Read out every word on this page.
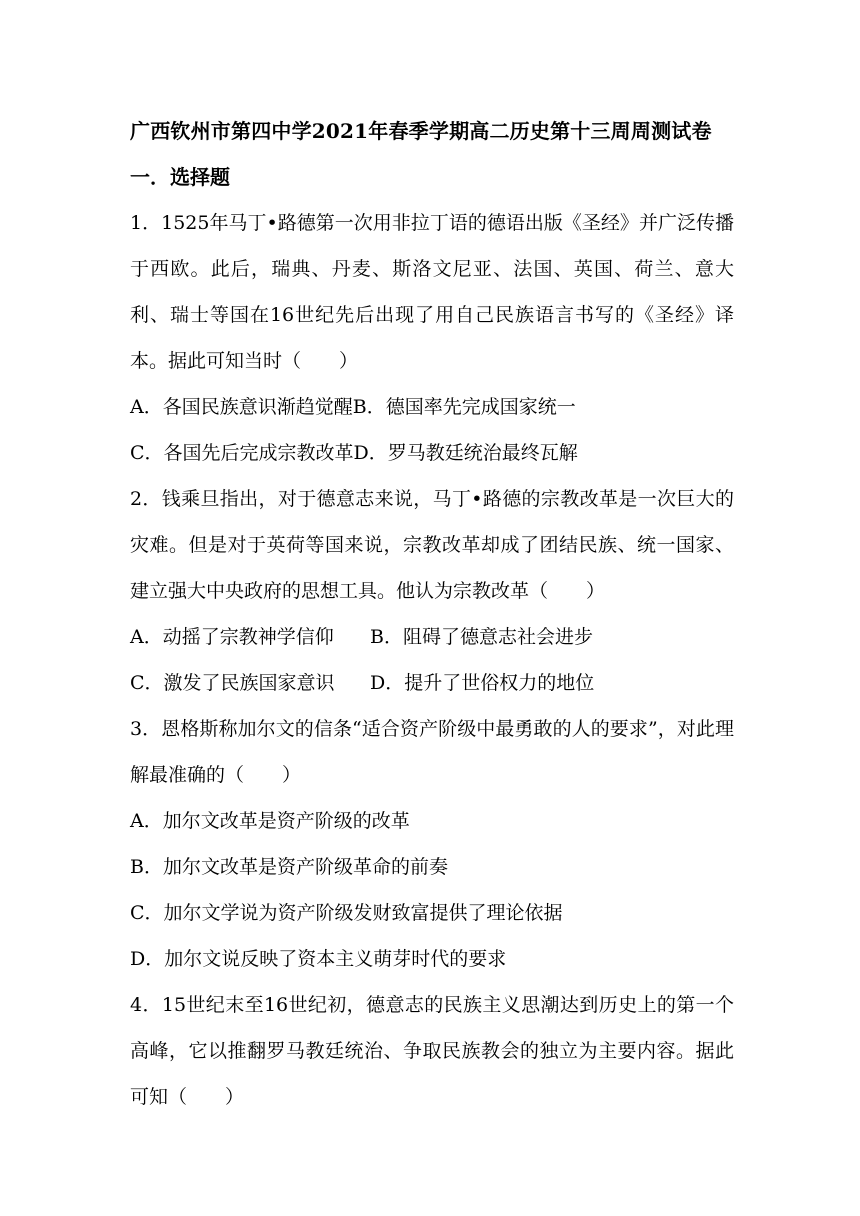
广西钦州市第四中学2021年春季学期高二历史第十三周周测试卷
一．选择题

1．1525年马丁•路德第一次用非拉丁语的德语出版《圣经》并广泛传播于西欧。此后，瑞典、丹麦、斯洛文尼亚、法国、英国、荷兰、意大利、瑞士等国在16世纪先后出现了用自己民族语言书写的《圣经》译本。据此可知当时（　　）

A．各国民族意识渐趋觉醒B．德国率先完成国家统一
C．各国先后完成宗教改革D．罗马教廷统治最终瓦解

2．钱乘旦指出，对于德意志来说，马丁•路德的宗教改革是一次巨大的灾难。但是对于英荷等国来说，宗教改革却成了团结民族、统一国家、建立强大中央政府的思想工具。他认为宗教改革（　　）

A．动摇了宗教神学信仰	B．阻碍了德意志社会进步
C．激发了民族国家意识	D．提升了世俗权力的地位

3．恩格斯称加尔文的信条“适合资产阶级中最勇敢的人的要求”，对此理解最准确的（　　）

A．加尔文改革是资产阶级的改革
B．加尔文改革是资产阶级革命的前奏
C．加尔文学说为资产阶级发财致富提供了理论依据
D．加尔文说反映了资本主义萌芽时代的要求

4．15世纪末至16世纪初，德意志的民族主义思潮达到历史上的第一个高峰，它以推翻罗马教廷统治、争取民族教会的独立为主要内容。据此可知（　　）
